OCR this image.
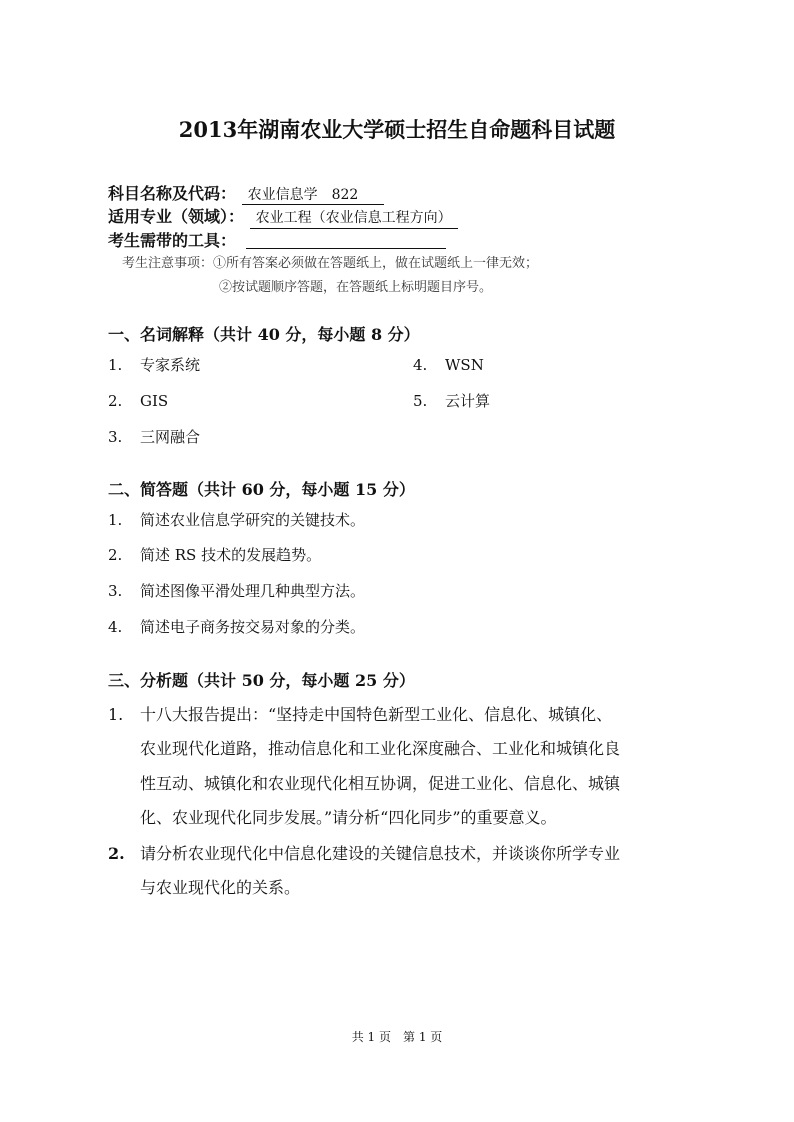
2013年湖南农业大学硕士招生自命题科目试题
科目名称及代码： 农业信息学　822
适用专业（领域）： 农业工程（农业信息工程方向）
考生需带的工具：
考生注意事项：①所有答案必须做在答题纸上，做在试题纸上一律无效；
②按试题顺序答题，在答题纸上标明题目序号。
一、名词解释（共计 40 分，每小题 8 分）
1. 专家系统
2. GIS
3. 三网融合
4. WSN
5. 云计算
二、简答题（共计 60 分，每小题 15 分）
1. 简述农业信息学研究的关键技术。
2. 简述 RS 技术的发展趋势。
3. 简述图像平滑处理几种典型方法。
4. 简述电子商务按交易对象的分类。
三、分析题（共计 50 分，每小题 25 分）
1. 十八大报告提出：“坚持走中国特色新型工业化、信息化、城镇化、
农业现代化道路，推动信息化和工业化深度融合、工业化和城镇化良
性互动、城镇化和农业现代化相互协调，促进工业化、信息化、城镇
化、农业现代化同步发展。”请分析“四化同步”的重要意义。
2. 请分析农业现代化中信息化建设的关键信息技术，并谈谈你所学专业
与农业现代化的关系。
共 1 页　第 1 页
